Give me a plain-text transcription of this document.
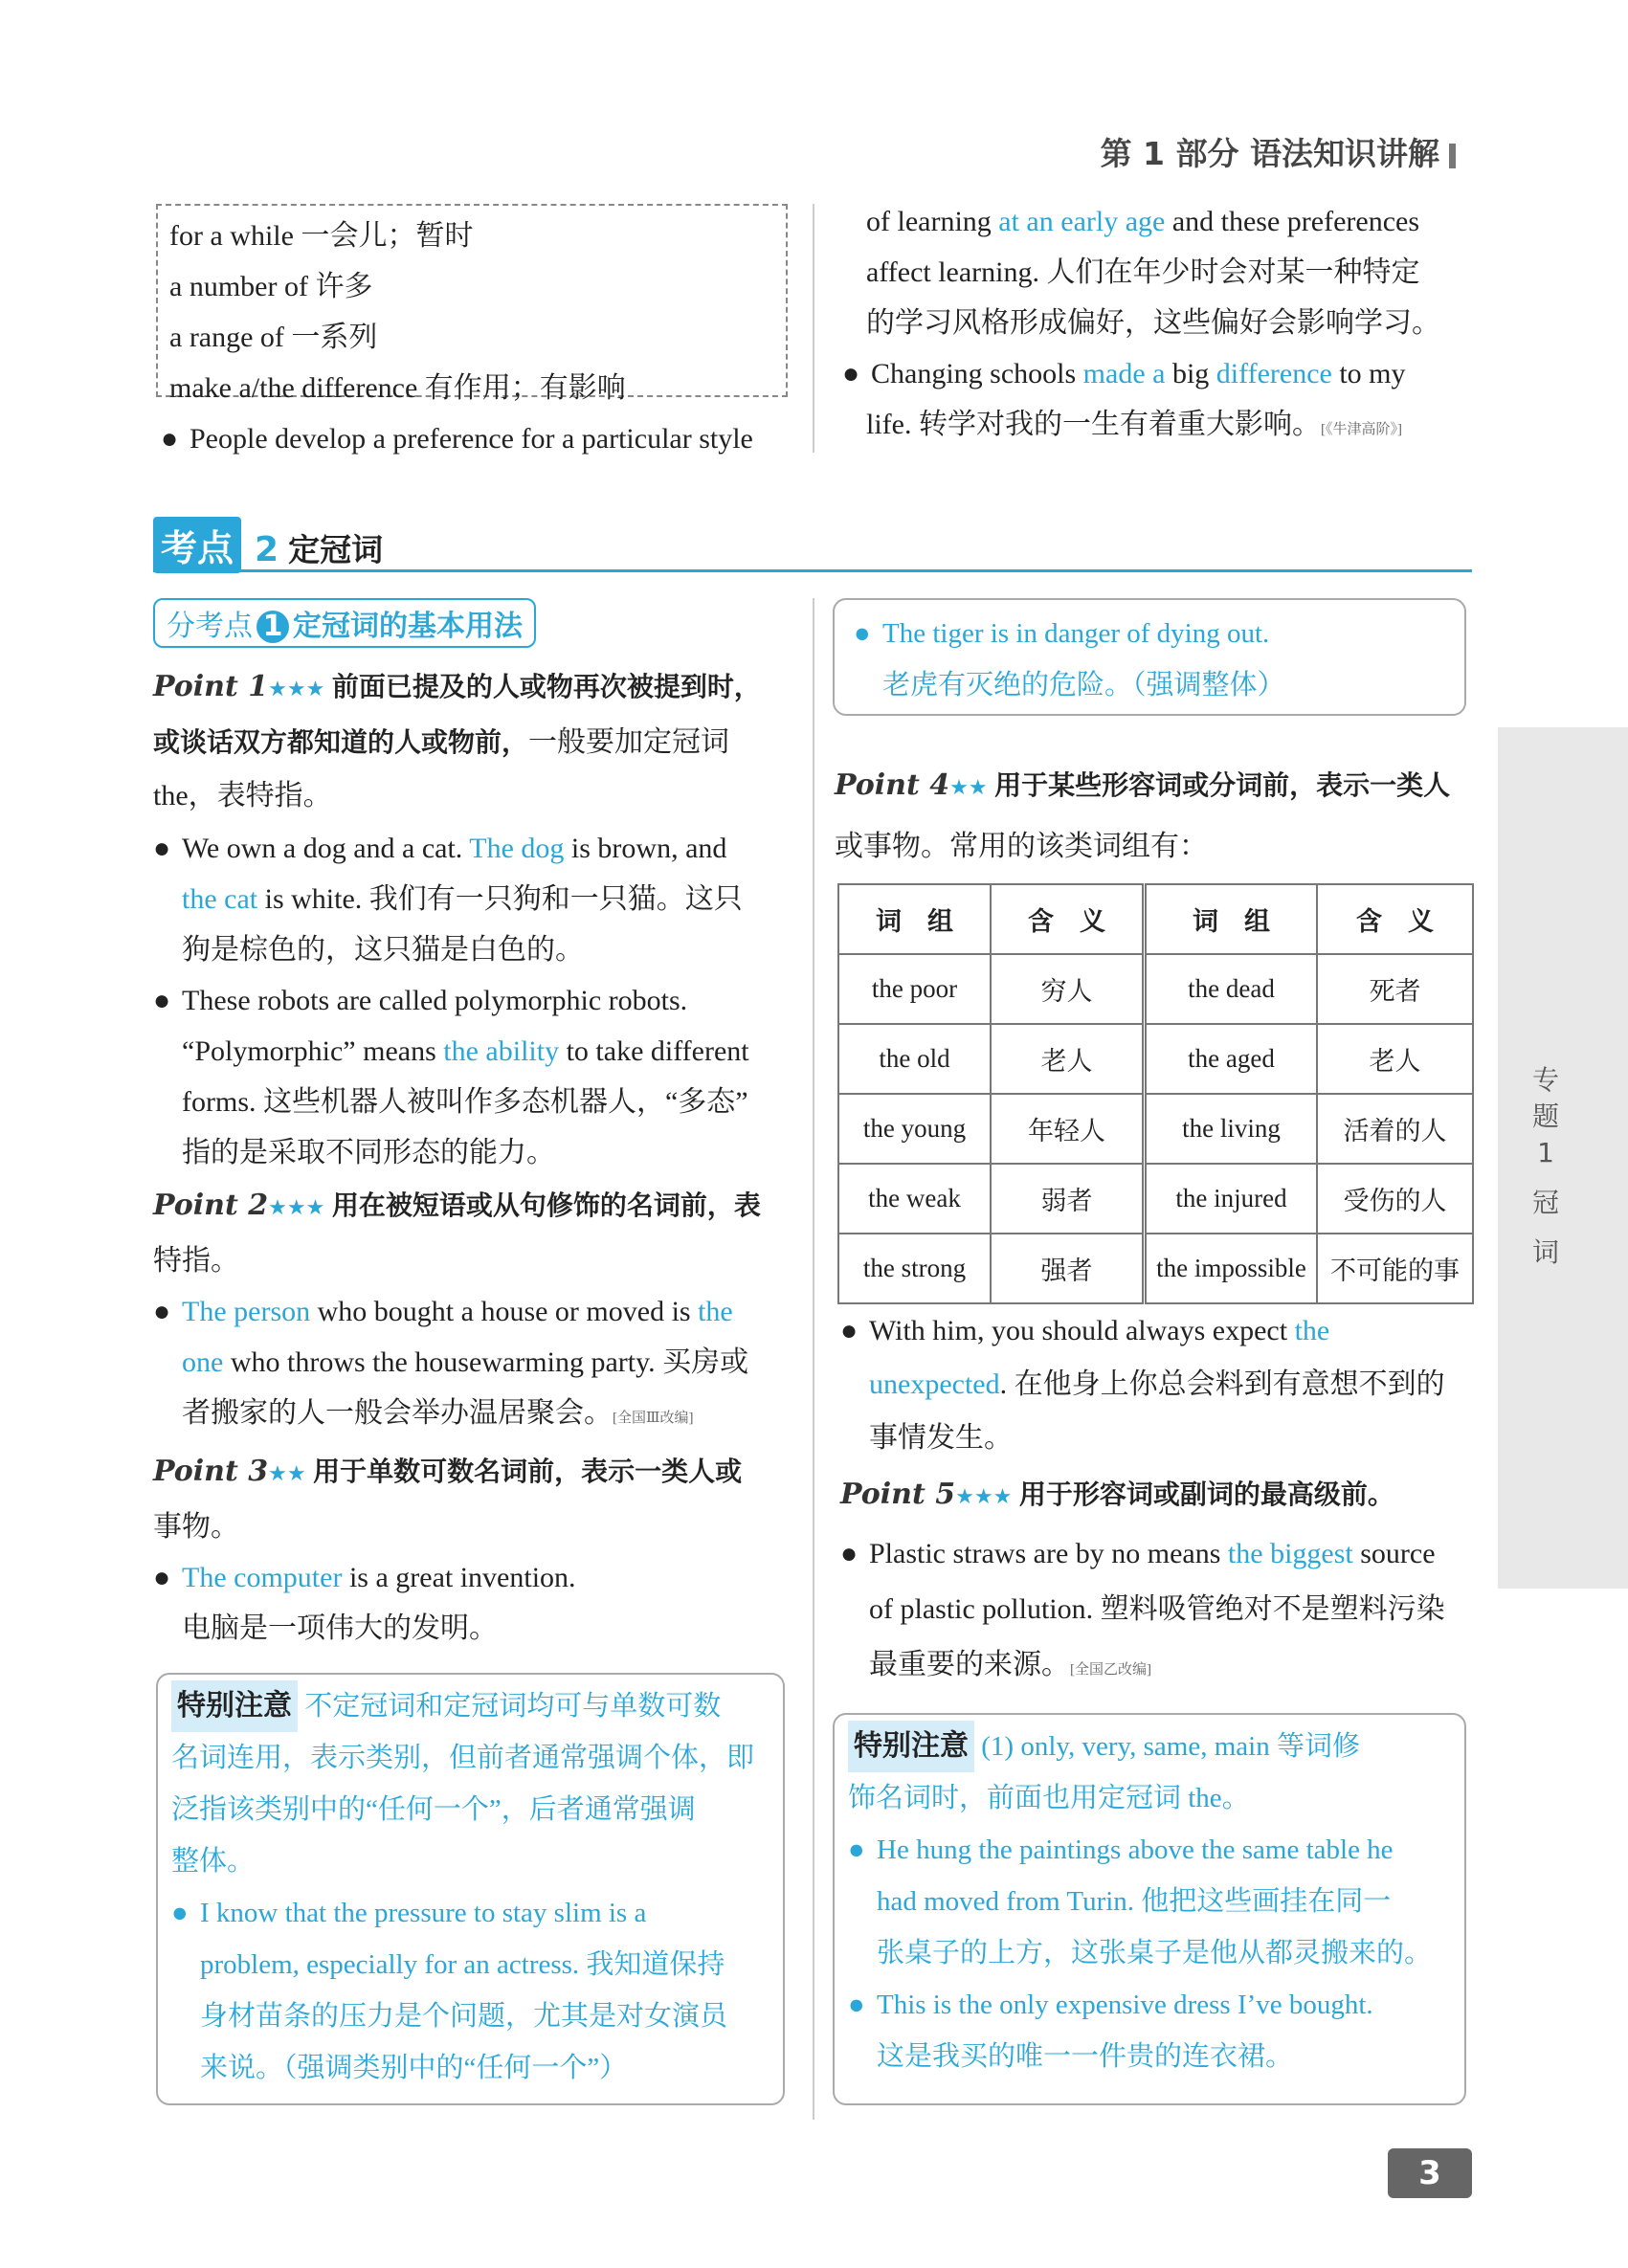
第 1 部分 语法知识讲解
for a while 一会儿；暂时
a number of 许多
a range of 一系列
make a/the difference 有作用；有影响
● People develop a preference for a particular style
of learning at an early age and these preferences
affect learning. 人们在年少时会对某一种特定
的学习风格形成偏好，这些偏好会影响学习。
● Changing schools made a big difference to my
life. 转学对我的一生有着重大影响。[《牛津高阶》]
考点 2 定冠词
分考点 1 定冠词的基本用法
Point 1★★★ 前面已提及的人或物再次被提到时，
或谈话双方都知道的人或物前，一般要加定冠词
the，表特指。
● We own a dog and a cat. The dog is brown, and
the cat is white. 我们有一只狗和一只猫。这只
狗是棕色的，这只猫是白色的。
● These robots are called polymorphic robots.
“Polymorphic” means the ability to take different
forms. 这些机器人被叫作多态机器人，“多态”
指的是采取不同形态的能力。
Point 2★★★ 用在被短语或从句修饰的名词前，表
特指。
● The person who bought a house or moved is the
one who throws the housewarming party. 买房或
者搬家的人一般会举办温居聚会。[全国Ⅲ改编]
Point 3★★ 用于单数可数名词前，表示一类人或
事物。
● The computer is a great invention.
电脑是一项伟大的发明。
特别注意 不定冠词和定冠词均可与单数可数
名词连用，表示类别，但前者通常强调个体，即
泛指该类别中的“任何一个”，后者通常强调
整体。
● I know that the pressure to stay slim is a
problem, especially for an actress. 我知道保持
身材苗条的压力是个问题，尤其是对女演员
来说。（强调类别中的“任何一个”）
● The tiger is in danger of dying out.
老虎有灭绝的危险。（强调整体）
Point 4★★ 用于某些形容词或分词前，表示一类人
或事物。常用的该类词组有：
词　组	含　义	词　组	含　义
the poor	穷人	the dead	死者
the old	老人	the aged	老人
the young	年轻人	the living	活着的人
the weak	弱者	the injured	受伤的人
the strong	强者	the impossible	不可能的事
● With him, you should always expect the
unexpected. 在他身上你总会料到有意想不到的
事情发生。
Point 5★★★ 用于形容词或副词的最高级前。
● Plastic straws are by no means the biggest source
of plastic pollution. 塑料吸管绝对不是塑料污染
最重要的来源。[全国乙改编]
特别注意 (1) only, very, same, main 等词修
饰名词时，前面也用定冠词 the。
● He hung the paintings above the same table he
had moved from Turin. 他把这些画挂在同一
张桌子的上方，这张桌子是他从都灵搬来的。
● This is the only expensive dress I’ve bought.
这是我买的唯一一件贵的连衣裙。
专
题
1
冠
词
3
